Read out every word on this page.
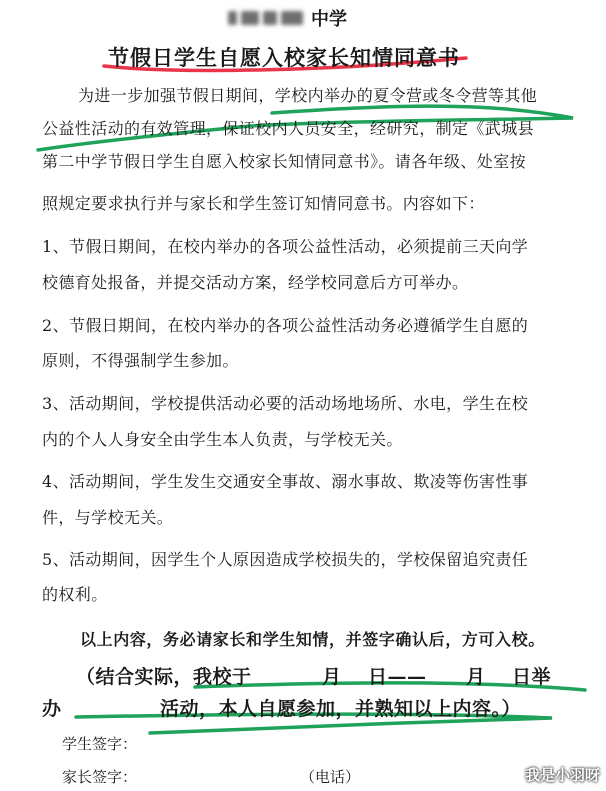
中学
节假日学生自愿入校家长知情同意书
为进一步加强节假日期间，学校内举办的夏令营或冬令营等其他
公益性活动的有效管理，保证校内人员安全，经研究，制定《武城县
第二中学节假日学生自愿入校家长知情同意书》。请各年级、处室按
照规定要求执行并与家长和学生签订知情同意书。内容如下：
1、节假日期间，在校内举办的各项公益性活动，必须提前三天向学
校德育处报备，并提交活动方案，经学校同意后方可举办。
2、节假日期间，在校内举办的各项公益性活动务必遵循学生自愿的
原则，不得强制学生参加。
3、活动期间，学校提供活动必要的活动场地场所、水电，学生在校
内的个人人身安全由学生本人负责，与学校无关。
4、活动期间，学生发生交通安全事故、溺水事故、欺凌等伤害性事
件，与学校无关。
5、活动期间，因学生个人原因造成学校损失的，学校保留追究责任
的权利。
以上内容，务必请家长和学生知情，并签字确认后，方可入校。
（结合实际，我校于	月 日—— 月 日举
办	活动，本人自愿参加，并熟知以上内容。）
学生签字：
家长签字：	（电话）	我是小羽呀
